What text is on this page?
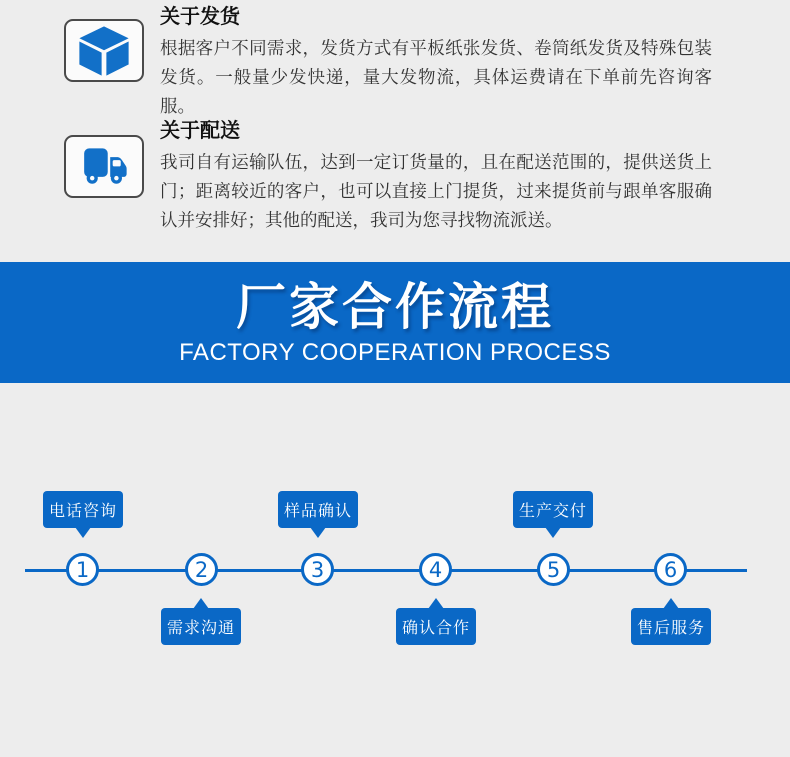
关于发货

根据客户不同需求，发货方式有平板纸张发货、卷筒纸发货及特殊包装发货。一般量少发快递，量大发物流，具体运费请在下单前先咨询客服。

关于配送

我司自有运输队伍，达到一定订货量的，且在配送范围的，提供送货上门；距离较近的客户，也可以直接上门提货，过来提货前与跟单客服确认并安排好；其他的配送，我司为您寻找物流派送。

厂家合作流程
FACTORY COOPERATION PROCESS
电话咨询
1
需求沟通
2
样品确认
3
确认合作
4
生产交付
5
售后服务
6
